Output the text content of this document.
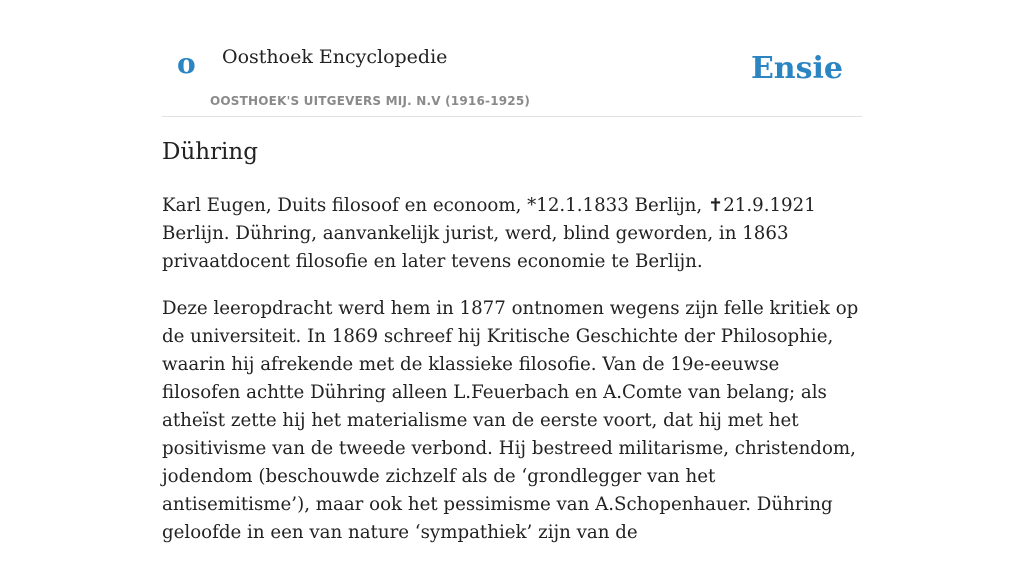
o Oosthoek Encyclopedie
OOSTHOEK'S UITGEVERS MIJ. N.V (1916-1925)
Ensie
Dühring

Karl Eugen, Duits filosoof en econoom, *12.1.1833 Berlijn, ✝21.9.1921 Berlijn. Dühring, aanvankelijk jurist, werd, blind geworden, in 1863 privaatdocent filosofie en later tevens economie te Berlijn.

Deze leeropdracht werd hem in 1877 ontnomen wegens zijn felle kritiek op de universiteit. In 1869 schreef hij Kritische Geschichte der Philosophie, waarin hij afrekende met de klassieke filosofie. Van de 19e-eeuwse filosofen achtte Dühring alleen L.Feuerbach en A.Comte van belang; als atheïst zette hij het materialisme van de eerste voort, dat hij met het positivisme van de tweede verbond. Hij bestreed militarisme, christendom, jodendom (beschouwde zichzelf als de ‘grondlegger van het antisemitisme’), maar ook het pessimisme van A.Schopenhauer. Dühring geloofde in een van nature ‘sympathiek’ zijn van de
